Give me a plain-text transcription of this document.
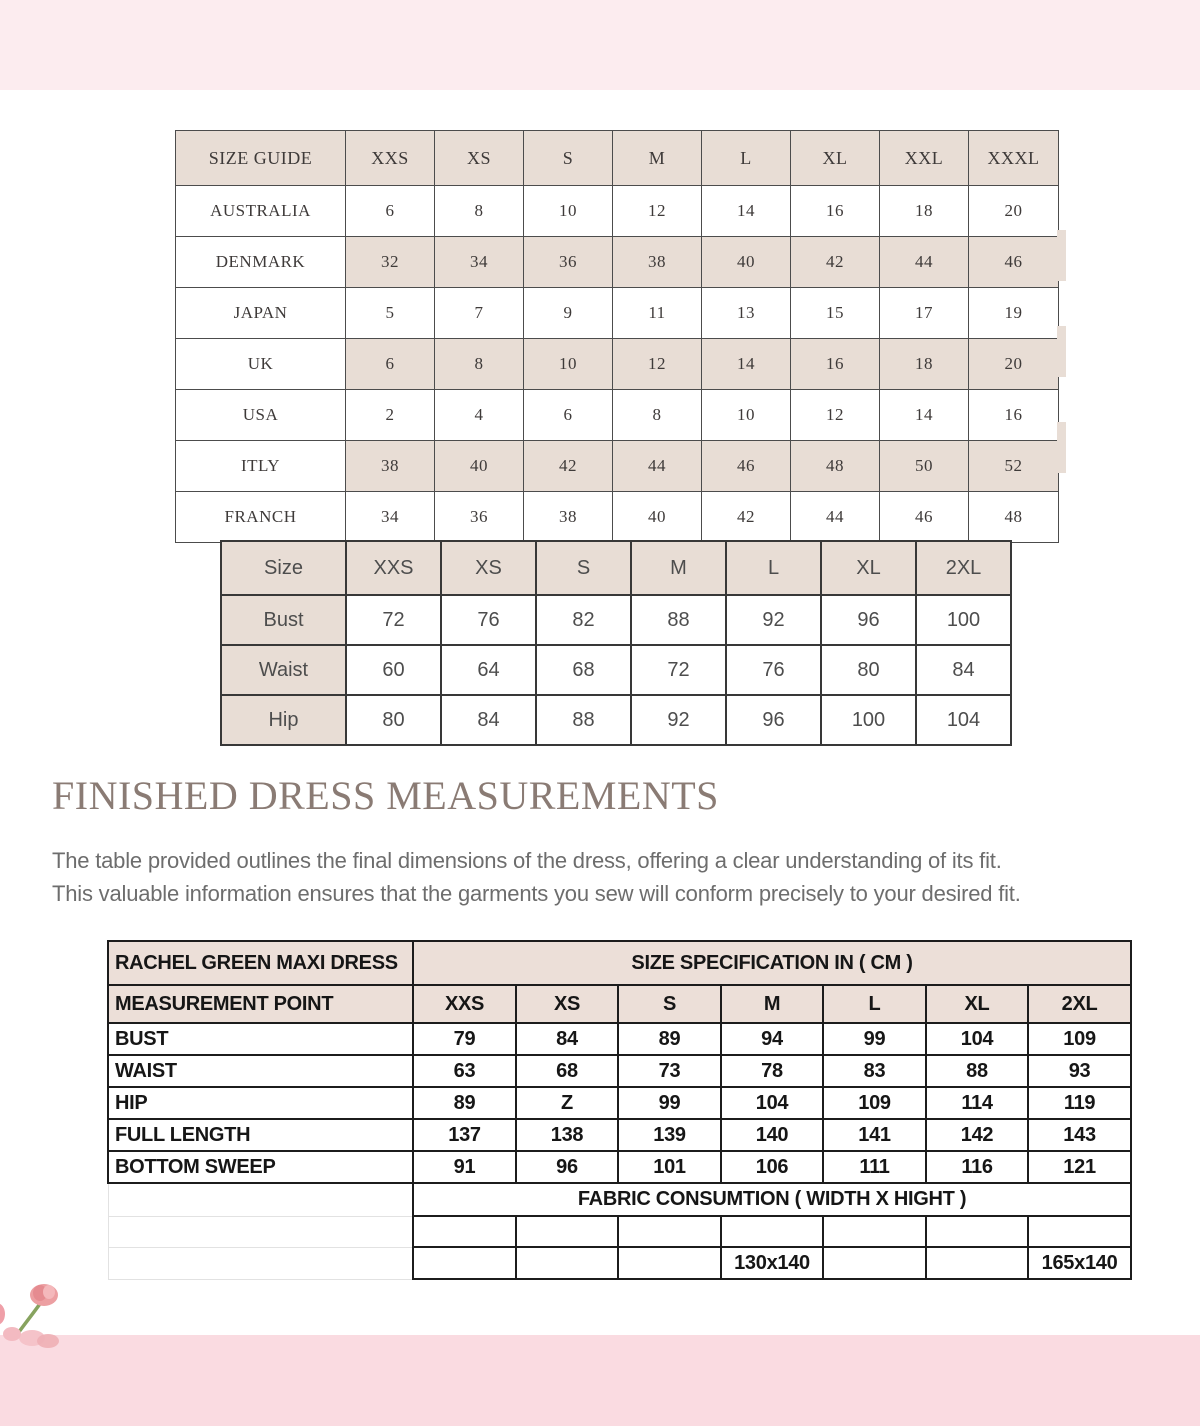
SIZE GUIDE	XXS	XS	S	M	L	XL	XXL	XXXL
AUSTRALIA	6	8	10	12	14	16	18	20
DENMARK	32	34	36	38	40	42	44	46
JAPAN	5	7	9	11	13	15	17	19
UK	6	8	10	12	14	16	18	20
USA	2	4	6	8	10	12	14	16
ITLY	38	40	42	44	46	48	50	52
FRANCH	34	36	38	40	42	44	46	48
Size	XXS	XS	S	M	L	XL	2XL
Bust	72	76	82	88	92	96	100
Waist	60	64	68	72	76	80	84
Hip	80	84	88	92	96	100	104
FINISHED DRESS MEASUREMENTS

The table provided outlines the final dimensions of the dress, offering a clear understanding of its fit.
This valuable information ensures that the garments you sew will conform precisely to your desired fit.

RACHEL GREEN MAXI DRESS	SIZE SPECIFICATION IN ( CM )						
MEASUREMENT POINT	XXS	XS	S	M	L	XL	2XL
BUST	79	84	89	94	99	104	109
WAIST	63	68	73	78	83	88	93
HIP	89	Z	99	104	109	114	119
FULL LENGTH	137	138	139	140	141	142	143
BOTTOM SWEEP	91	96	101	106	111	116	121
	FABRIC CONSUMTION ( WIDTH X HIGHT )						

				130x140			165x140
